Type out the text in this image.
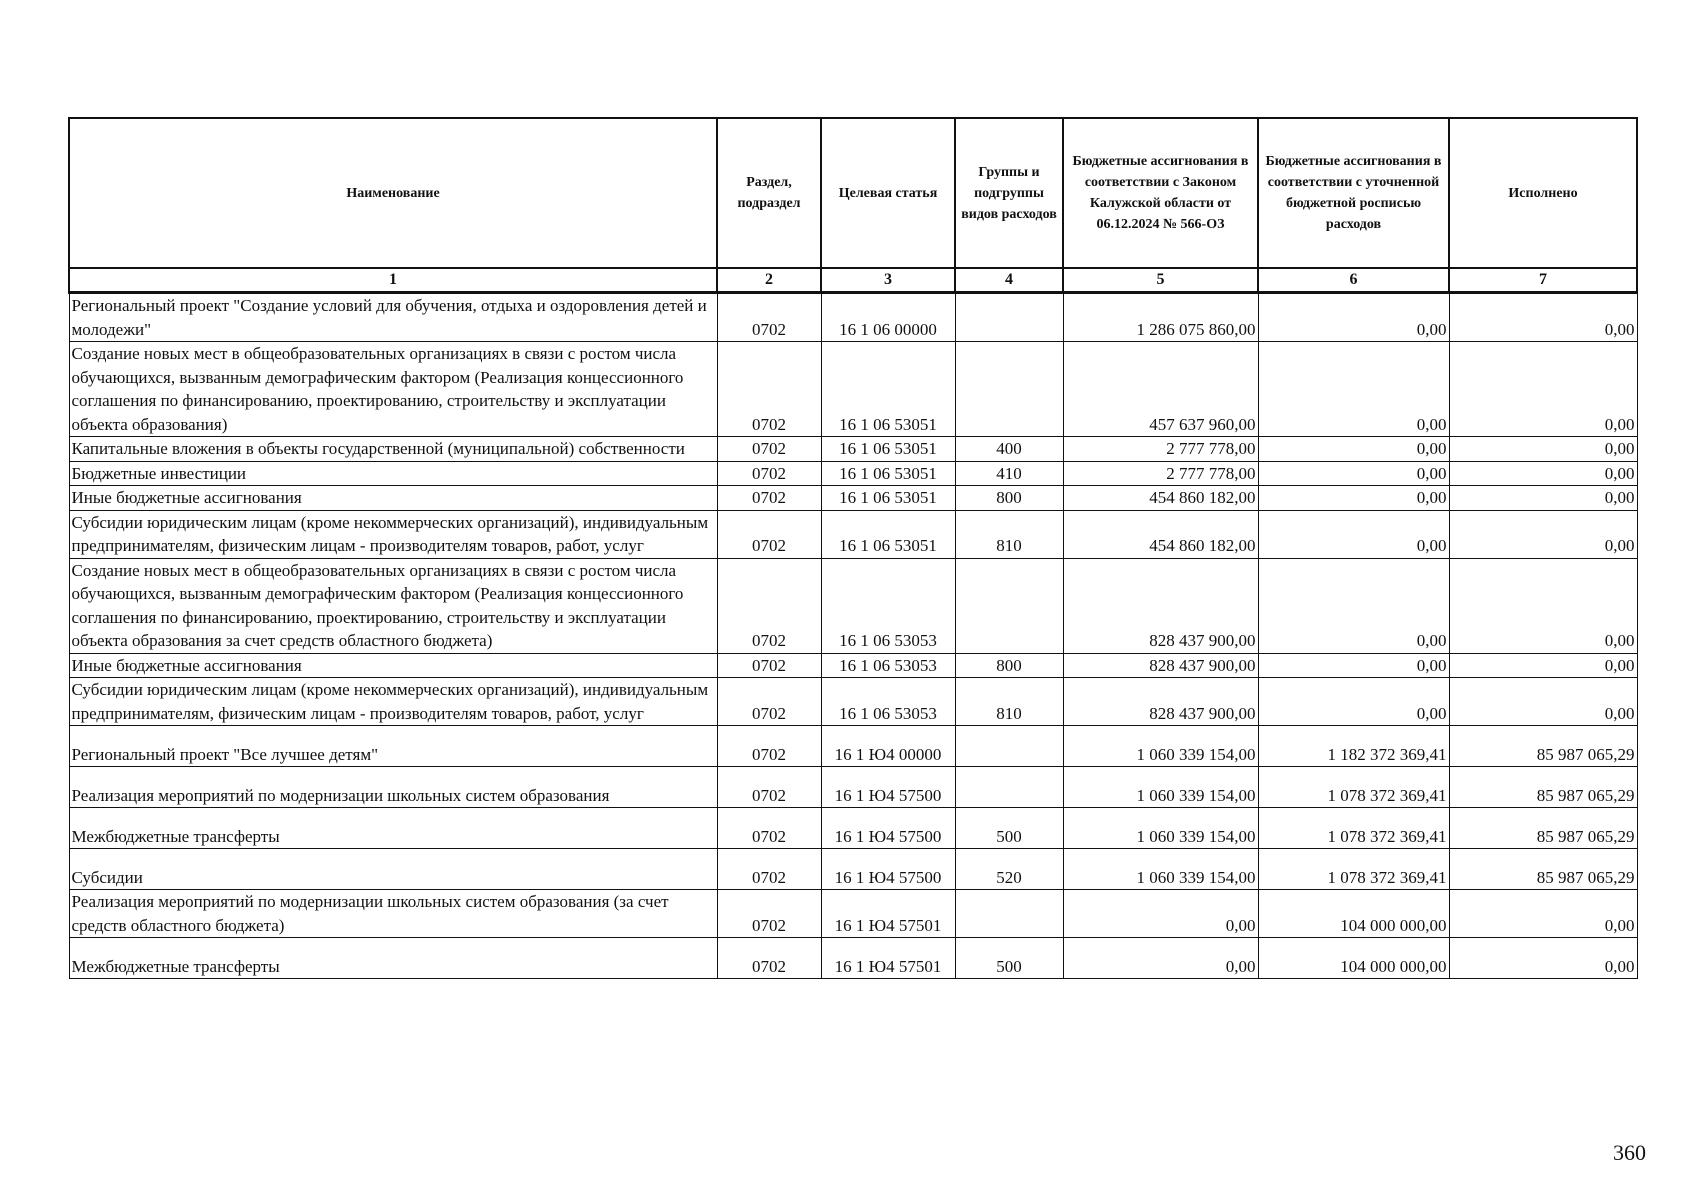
Наименование	Раздел, подраздел	Целевая статья	Группы и подгруппы видов расходов	Бюджетные ассигнования в соответствии с Законом Калужской области от 06.12.2024 № 566-ОЗ	Бюджетные ассигнования в соответствии с уточненной бюджетной росписью расходов	Исполнено
1	2	3	4	5	6	7
Региональный проект "Создание условий для обучения, отдыха и оздоровления детей и молодежи"	0702	16 1 06 00000		1 286 075 860,00	0,00	0,00
Создание новых мест в общеобразовательных организациях в связи с ростом числа обучающихся, вызванным демографическим фактором (Реализация концессионного соглашения по финансированию, проектированию, строительству и эксплуатации объекта образования)	0702	16 1 06 53051		457 637 960,00	0,00	0,00
Капитальные вложения в объекты государственной (муниципальной) собственности	0702	16 1 06 53051	400	2 777 778,00	0,00	0,00
Бюджетные инвестиции	0702	16 1 06 53051	410	2 777 778,00	0,00	0,00
Иные бюджетные ассигнования	0702	16 1 06 53051	800	454 860 182,00	0,00	0,00
Субсидии юридическим лицам (кроме некоммерческих организаций), индивидуальным предпринимателям, физическим лицам - производителям товаров, работ, услуг	0702	16 1 06 53051	810	454 860 182,00	0,00	0,00
Создание новых мест в общеобразовательных организациях в связи с ростом числа обучающихся, вызванным демографическим фактором (Реализация концессионного соглашения по финансированию, проектированию, строительству и эксплуатации объекта образования за счет средств областного бюджета)	0702	16 1 06 53053		828 437 900,00	0,00	0,00
Иные бюджетные ассигнования	0702	16 1 06 53053	800	828 437 900,00	0,00	0,00
Субсидии юридическим лицам (кроме некоммерческих организаций), индивидуальным предпринимателям, физическим лицам - производителям товаров, работ, услуг	0702	16 1 06 53053	810	828 437 900,00	0,00	0,00
Региональный проект "Все лучшее детям"	0702	16 1 Ю4 00000		1 060 339 154,00	1 182 372 369,41	85 987 065,29
Реализация мероприятий по модернизации школьных систем образования	0702	16 1 Ю4 57500		1 060 339 154,00	1 078 372 369,41	85 987 065,29
Межбюджетные трансферты	0702	16 1 Ю4 57500	500	1 060 339 154,00	1 078 372 369,41	85 987 065,29
Субсидии	0702	16 1 Ю4 57500	520	1 060 339 154,00	1 078 372 369,41	85 987 065,29
Реализация мероприятий по модернизации школьных систем образования (за счет средств областного бюджета)	0702	16 1 Ю4 57501		0,00	104 000 000,00	0,00
Межбюджетные трансферты	0702	16 1 Ю4 57501	500	0,00	104 000 000,00	0,00
360
